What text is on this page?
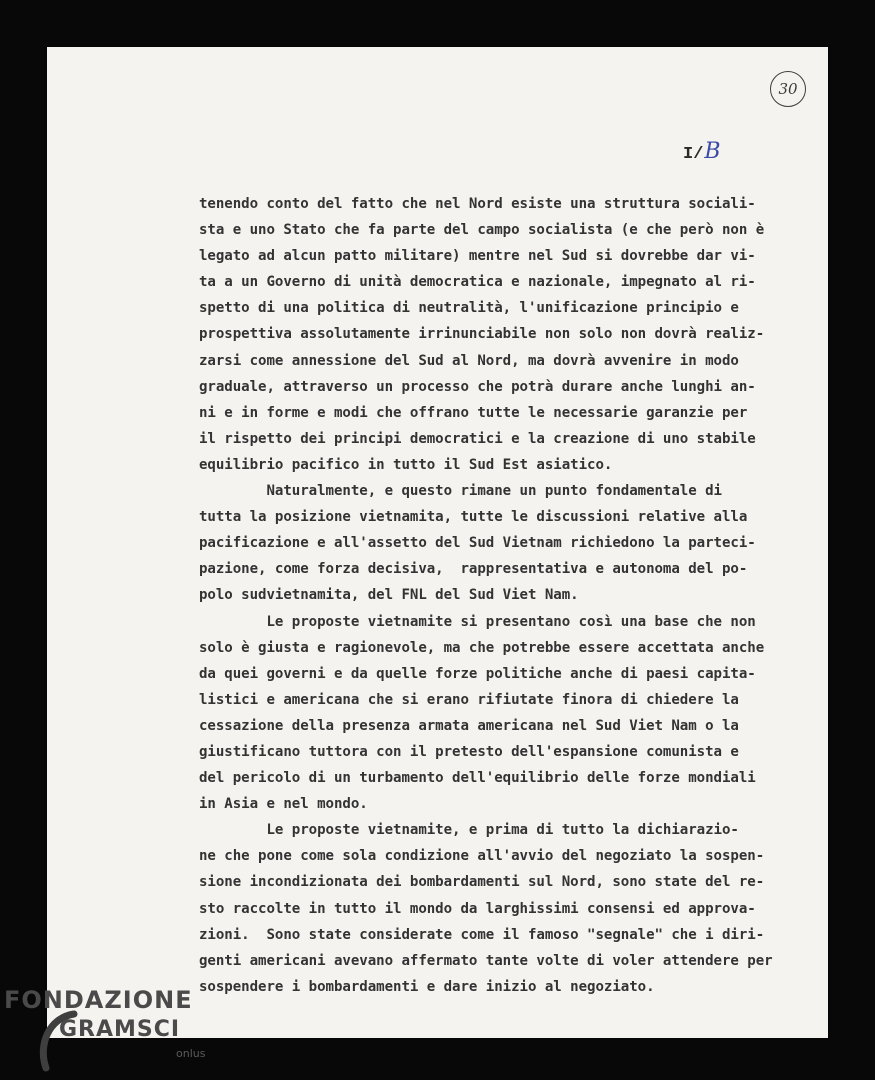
30
I/B
tenendo conto del fatto che nel Nord esiste una struttura sociali-
sta e uno Stato che fa parte del campo socialista (e che però non è
legato ad alcun patto militare) mentre nel Sud si dovrebbe dar vi-
ta a un Governo di unità democratica e nazionale, impegnato al ri-
spetto di una politica di neutralità, l'unificazione principio e
prospettiva assolutamente irrinunciabile non solo non dovrà realiz-
zarsi come annessione del Sud al Nord, ma dovrà avvenire in modo
graduale, attraverso un processo che potrà durare anche lunghi an-
ni e in forme e modi che offrano tutte le necessarie garanzie per
il rispetto dei principi democratici e la creazione di uno stabile
equilibrio pacifico in tutto il Sud Est asiatico.
Naturalmente, e questo rimane un punto fondamentale di
tutta la posizione vietnamita, tutte le discussioni relative alla
pacificazione e all'assetto del Sud Vietnam richiedono la parteci-
pazione, come forza decisiva,  rappresentativa e autonoma del po-
polo sudvietnamita, del FNL del Sud Viet Nam.
Le proposte vietnamite si presentano così una base che non
solo è giusta e ragionevole, ma che potrebbe essere accettata anche
da quei governi e da quelle forze politiche anche di paesi capita-
listici e americana che si erano rifiutate finora di chiedere la
cessazione della presenza armata americana nel Sud Viet Nam o la
giustificano tuttora con il pretesto dell'espansione comunista e
del pericolo di un turbamento dell'equilibrio delle forze mondiali
in Asia e nel mondo.
Le proposte vietnamite, e prima di tutto la dichiarazio-
ne che pone come sola condizione all'avvio del negoziato la sospen-
sione incondizionata dei bombardamenti sul Nord, sono state del re-
sto raccolte in tutto il mondo da larghissimi consensi ed approva-
zioni.  Sono state considerate come il famoso "segnale" che i diri-
genti americani avevano affermato tante volte di voler attendere per
sospendere i bombardamenti e dare inizio al negoziato.
FONDAZIONE
GRAMSCI
onlus
